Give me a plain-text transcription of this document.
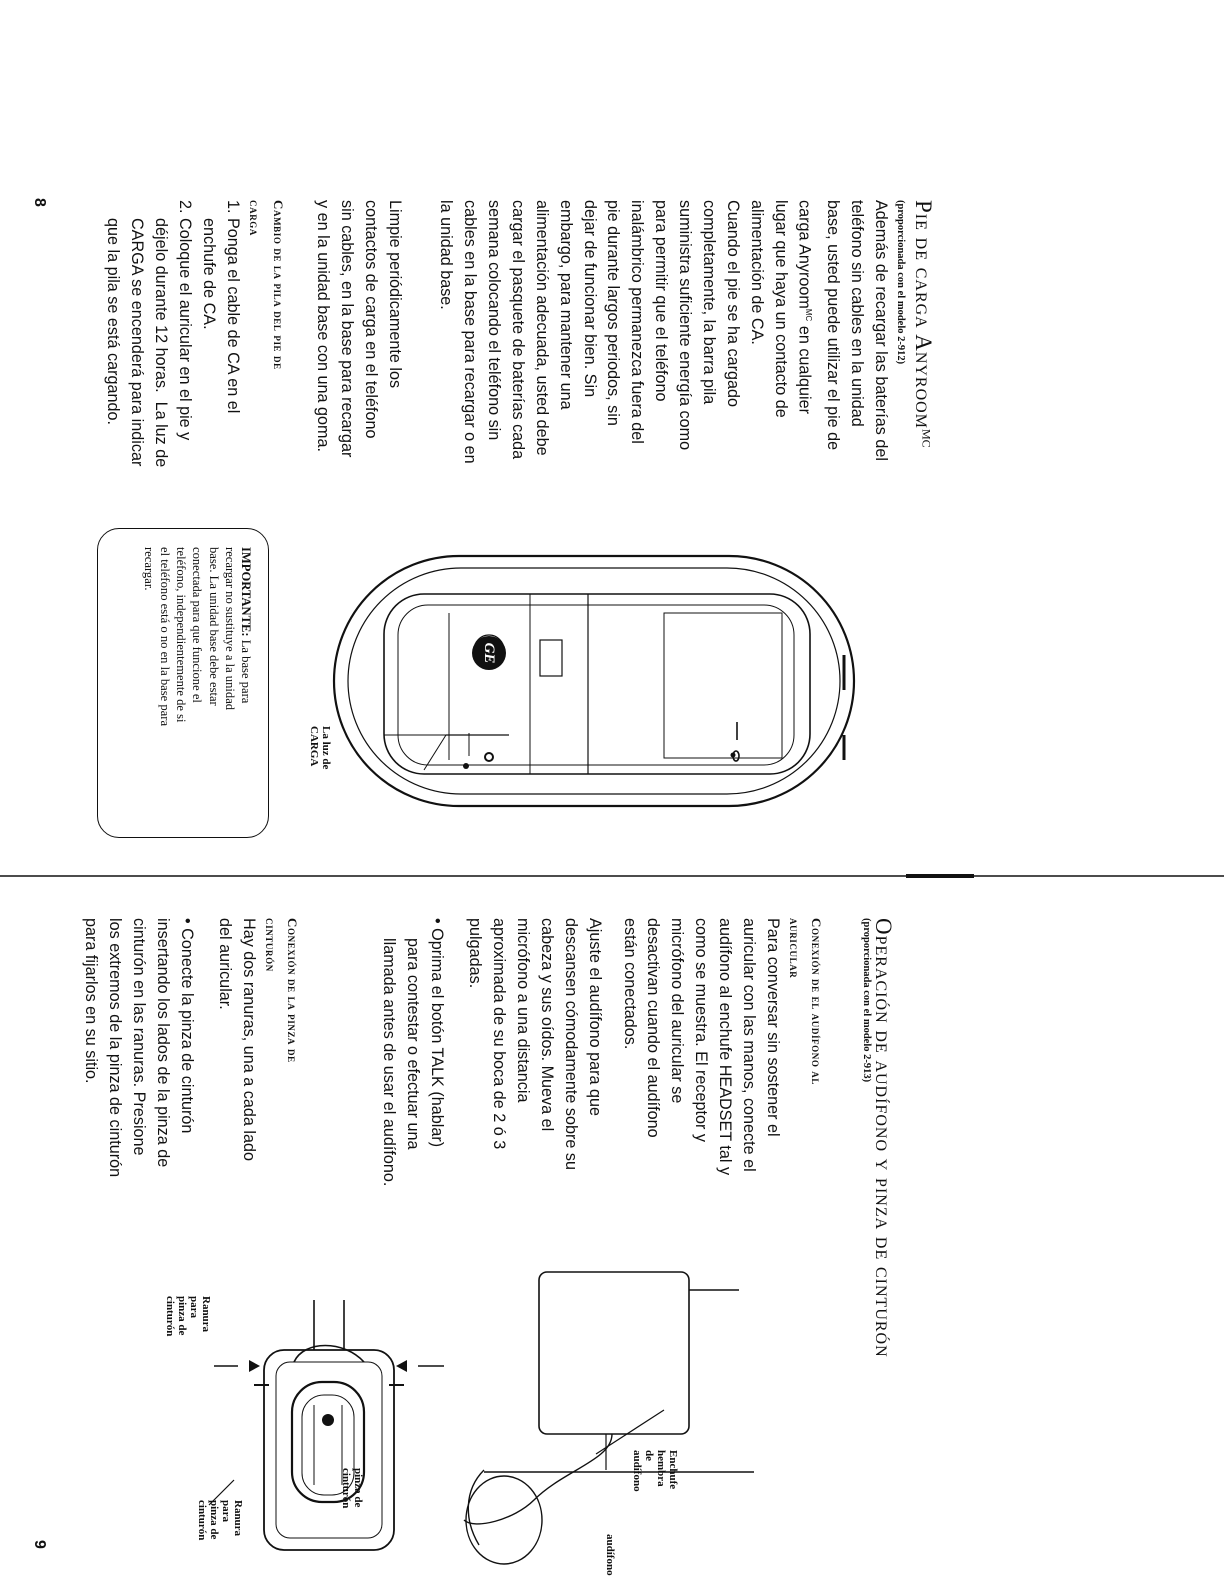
Pie de carga Anyroom$^{MC}$
(proporcionada con el modelo 2-912)

Además de recargar las baterías del

teléfono sin cables en la unidad

base, usted puede utilizar el pie de

carga Anyroom$^{MC}$ en cualquier

lugar que haya un contacto de

alimentación de CA.

Cuando el pie se ha cargado

completamente, la barra pila

suministra suficiente energía como

para permitir que el teléfono

inalámbrico permanezca fuera del

pie durante largos periodos, sin

dejar de funcionar bien. Sin

embargo, para mantener una

alimentación adecuada, usted debe

cargar el pasquete de baterías cada

semana colocando el teléfono sin

cables en la base para recargar o en

la unidad base.

Limpie periódicamente los

contactos de carga en el teléfono

sin cables, en la base para recargar

y en la unidad base con una goma.

Cambio de la pila del pie de
carga

1. Ponga el cable de CA en el

enchufe de CA.

2. Coloque el auricular en el pie y

déjelo durante 12 horas.  La luz de

CARGA se encenderá para indicar

que la pila se está cargando.

IMPORTANTE: La base para

recargar no sustituye a la unidad

base. La unidad base debe estar

conectada para que funcione el

teléfono, independientemente de si

el teléfono está o no en la base para

recargar.

GE
La luz de
CARGA
8
Operación de audífono y pinza de cinturón
(proporcionada con el modelo 2-913)
Conexión de el audífono al
auricular

Para conversar sin sostener el

auricular con las manos, conecte el

audífono al enchufe HEADSET tal y

como se muestra. El receptor y

micrófono del auricular se

desactivan cuando el audífono

están conectados.

Ajuste el audífono para que

descansen cómodamente sobre su

cabeza y sus oídos. Mueva el

micrófono a una distancia

aproximada de su boca de 2 ó 3

pulgadas.

• Oprima el botón TALK (hablar)

para contestar o efectuar una

llamada antes de usar el audífono.

Conexión de la pinza de
cinturón

Hay dos ranuras, una a cada lado

del auricular.

• Conecte la pinza de cinturón

insertando los lados de la pinza de

cinturón en las ranuras. Presione

los extremos de la pinza de cinturón

para fijarlos en su sitio.

Enchufe
hembra
de
audífono
audífono
Ranura
para
pinza de
cinturón
pinza de
cinturón
Ranura
para
pinza de
cinturón
9
